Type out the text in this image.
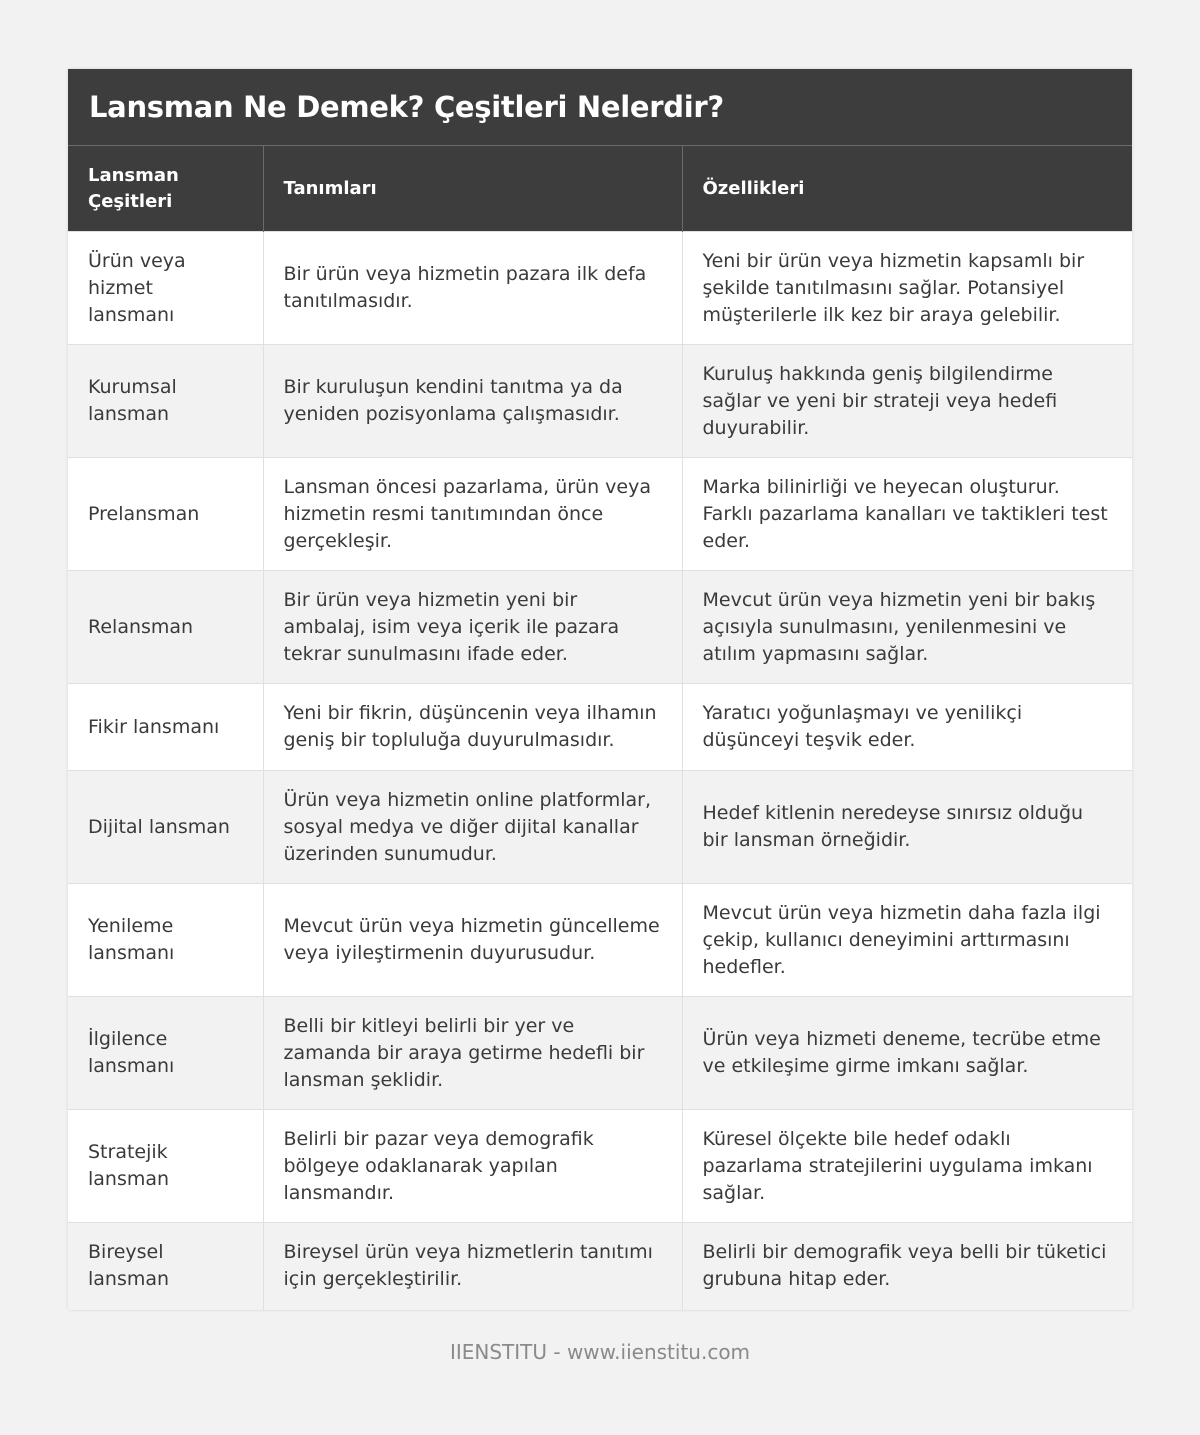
Lansman Ne Demek? Çeşitleri Nelerdir?
Lansman Çeşitleri	Tanımları	Özellikleri
Ürün veya hizmet lansmanı	Bir ürün veya hizmetin pazara ilk defa tanıtılmasıdır.	Yeni bir ürün veya hizmetin kapsamlı bir şekilde tanıtılmasını sağlar. Potansiyel müşterilerle ilk kez bir araya gelebilir.
Kurumsal lansman	Bir kuruluşun kendini tanıtma ya da yeniden pozisyonlama çalışmasıdır.	Kuruluş hakkında geniş bilgilendirme sağlar ve yeni bir strateji veya hedefi duyurabilir.
Prelansman	Lansman öncesi pazarlama, ürün veya hizmetin resmi tanıtımından önce gerçekleşir.	Marka bilinirliği ve heyecan oluşturur. Farklı pazarlama kanalları ve taktikleri test eder.
Relansman	Bir ürün veya hizmetin yeni bir ambalaj, isim veya içerik ile pazara tekrar sunulmasını ifade eder.	Mevcut ürün veya hizmetin yeni bir bakış açısıyla sunulmasını, yenilenmesini ve atılım yapmasını sağlar.
Fikir lansmanı	Yeni bir fikrin, düşüncenin veya ilhamın geniş bir topluluğa duyurulmasıdır.	Yaratıcı yoğunlaşmayı ve yenilikçi düşünceyi teşvik eder.
Dijital lansman	Ürün veya hizmetin online platformlar, sosyal medya ve diğer dijital kanallar üzerinden sunumudur.	Hedef kitlenin neredeyse sınırsız olduğu bir lansman örneğidir.
Yenileme lansmanı	Mevcut ürün veya hizmetin güncelleme veya iyileştirmenin duyurusudur.	Mevcut ürün veya hizmetin daha fazla ilgi çekip, kullanıcı deneyimini arttırmasını hedefler.
İlgilence lansmanı	Belli bir kitleyi belirli bir yer ve zamanda bir araya getirme hedefli bir lansman şeklidir.	Ürün veya hizmeti deneme, tecrübe etme ve etkileşime girme imkanı sağlar.
Stratejik lansman	Belirli bir pazar veya demografik bölgeye odaklanarak yapılan lansmandır.	Küresel ölçekte bile hedef odaklı pazarlama stratejilerini uygulama imkanı sağlar.
Bireysel lansman	Bireysel ürün veya hizmetlerin tanıtımı için gerçekleştirilir.	Belirli bir demografik veya belli bir tüketici grubuna hitap eder.
IIENSTITU - www.iienstitu.com
